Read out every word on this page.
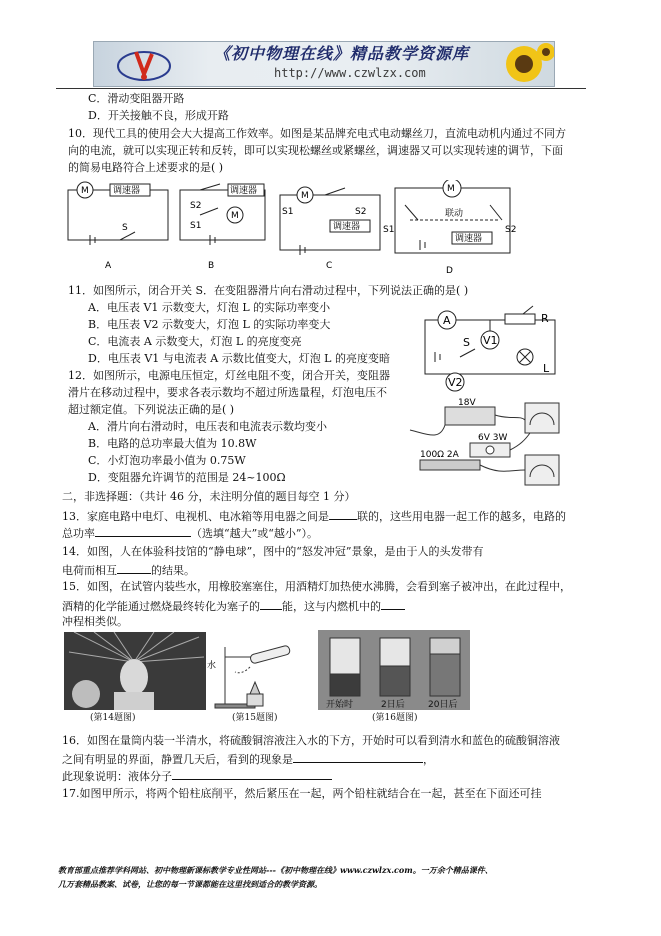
《初中物理在线》精品教学资源库
http://www.czwlzx.com
C．滑动变阻器开路
D．开关接触不良，形成开路
10．现代工具的使用会大大提高工作效率。如图是某品牌充电式电动螺丝刀，直流电动机内通过不同方
向的电流，就可以实现正转和反转，即可以实现松螺丝或紧螺丝，调速器又可以实现转速的调节，下面
的简易电路符合上述要求的是( )
M	调速器
S
A
S2
S1
M
调速器
B
M
S1	S2
调速器
C
M
联动
S1	S2
调速器
D
11．如图所示，闭合开关 S．在变阻器滑片向右滑动过程中，下列说法正确的是( )
A．电压表 V1 示数变大，灯泡 L 的实际功率变小
B．电压表 V2 示数变大，灯泡 L 的实际功率变大
C．电流表 A 示数变大，灯泡 L 的亮度变亮
D．电压表 V1 与电流表 A 示数比值变大，灯泡 L 的亮度变暗
A
V1
R
S
L
V2
12．如图所示，电源电压恒定，灯丝电阻不变，闭合开关，变阻器
滑片在移动过程中，要求各表示数均不超过所选量程，灯泡电压不
超过额定值。下列说法正确的是( )
A．滑片向右滑动时，电压表和电流表示数均变小
B．电路的总功率最大值为 10.8W
C．小灯泡功率最小值为 0.75W
D．变阻器允许调节的范围是 24~100Ω
18V
6V 3W
100Ω 2A
二，非选择题：（共计 46 分，未注明分值的题目每空 1 分）
13．家庭电路中电灯、电视机、电冰箱等用电器之间是	联的，这些用电器一起工作的越多，电路的
总功率	（选填“越大”或“越小”）。
14．如图，人在体验科技馆的“静电球”，图中的“怒发冲冠”景象，是由于人的头发带有
电荷而相互	的结果。
15．如图，在试管内装些水，用橡胶塞塞住，用酒精灯加热使水沸腾，会看到塞子被冲出，在此过程中，
酒精的化学能通过燃烧最终转化为塞子的 能，这与内燃机中的
冲程相类似。
(第14题图)
水
(第15题图)
开始时	2日后	20日后
(第16题图)
16．如图在量筒内装一半清水，将硫酸铜溶液注入水的下方，开始时可以看到清水和蓝色的硫酸铜溶液
之间有明显的界面，静置几天后，看到的现象是	，
此现象说明：液体分子
17.如图甲所示，将两个铅柱底削平，然后紧压在一起，两个铅柱就结合在一起，甚至在下面还可挂
教育部重点推荐学科网站、初中物理新课标教学专业性网站---《初中物理在线》www.czwlzx.com。一万余个精品课件、
几万套精品教案、试卷，让您的每一节课都能在这里找到适合的教学资源。
